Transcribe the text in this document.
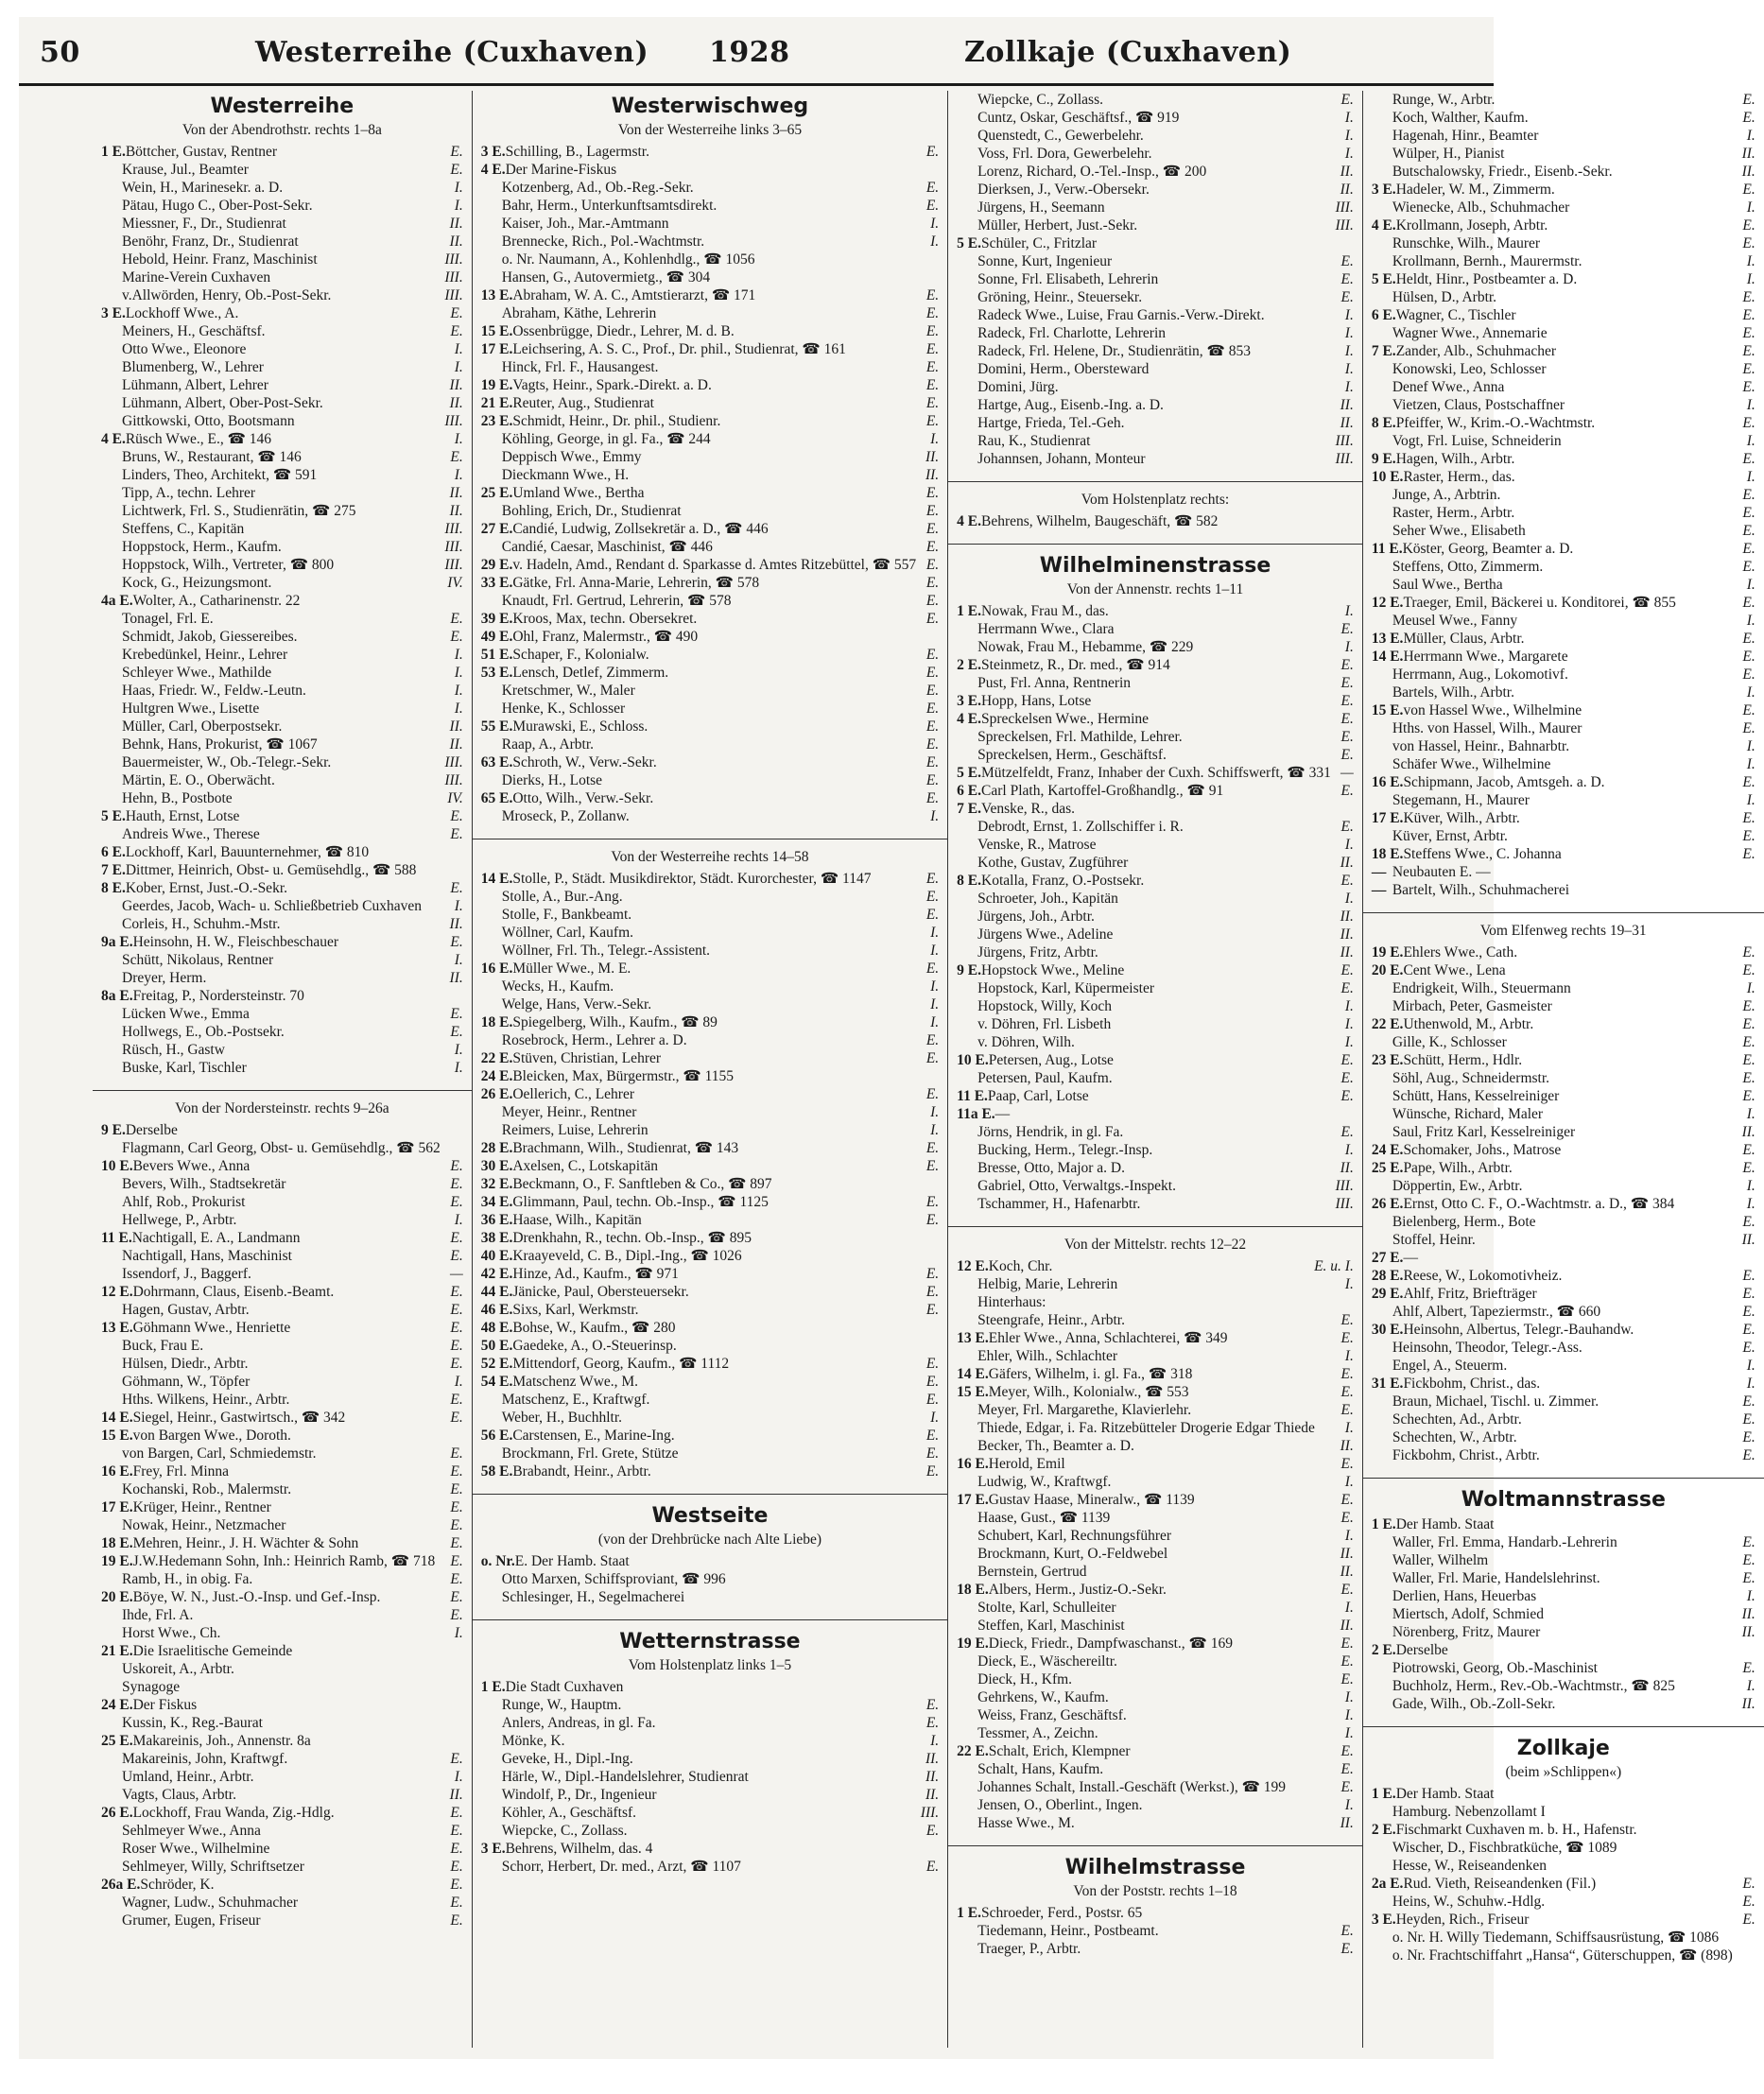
50	Westerreihe (Cuxhaven) 1928	Zollkaje (Cuxhaven)
Westerreihe
Von der Abendrothstr. rechts 1–8a
1 E. Böttcher, Gustav, Rentner	E.
Krause, Jul., Beamter	E.
Wein, H., Marinesekr. a. D.	I.
Pätau, Hugo C., Ober-Post-Sekr.	I.
Miessner, F., Dr., Studienrat	II.
Benöhr, Franz, Dr., Studienrat	II.
Hebold, Heinr. Franz, Maschinist	III.
Marine-Verein Cuxhaven	III.
v.Allwörden, Henry, Ob.-Post-Sekr.	III.
3 E. Lockhoff Wwe., A.	E.
Meiners, H., Geschäftsf.	E.
Otto Wwe., Eleonore	I.
Blumenberg, W., Lehrer	I.
Lühmann, Albert, Lehrer	II.
Lühmann, Albert, Ober-Post-Sekr.	II.
Gittkowski, Otto, Bootsmann	III.
4 E. Rüsch Wwe., E., ☎ 146	I.
Bruns, W., Restaurant, ☎ 146	E.
Linders, Theo, Architekt, ☎ 591	I.
Tipp, A., techn. Lehrer	II.
Lichtwerk, Frl. S., Studienrätin, ☎ 275	II.
Steffens, C., Kapitän	III.
Hoppstock, Herm., Kaufm.	III.
Hoppstock, Wilh., Vertreter, ☎ 800	III.
Kock, G., Heizungsmont.	IV.
4a E. Wolter, A., Catharinenstr. 22
Tonagel, Frl. E.	E.
Schmidt, Jakob, Giessereibes.	E.
Krebedünkel, Heinr., Lehrer	I.
Schleyer Wwe., Mathilde	I.
Haas, Friedr. W., Feldw.-Leutn.	I.
Hultgren Wwe., Lisette	I.
Müller, Carl, Oberpostsekr.	II.
Behnk, Hans, Prokurist, ☎ 1067	II.
Bauermeister, W., Ob.-Telegr.-Sekr.	III.
Märtin, E. O., Oberwächt.	III.
Hehn, B., Postbote	IV.
5 E. Hauth, Ernst, Lotse	E.
Andreis Wwe., Therese	E.
6 E. Lockhoff, Karl, Bauunternehmer, ☎ 810
7 E. Dittmer, Heinrich, Obst- u. Gemüsehdlg., ☎ 588
8 E. Kober, Ernst, Just.-O.-Sekr.	E.
Geerdes, Jacob, Wach- u. Schließbetrieb Cuxhaven	I.
Corleis, H., Schuhm.-Mstr.	II.
9a E. Heinsohn, H. W., Fleischbeschauer	E.
Schütt, Nikolaus, Rentner	I.
Dreyer, Herm.	II.
8a E. Freitag, P., Nordersteinstr. 70
Lücken Wwe., Emma	E.
Hollwegs, E., Ob.-Postsekr.	E.
Rüsch, H., Gastw	I.
Buske, Karl, Tischler	I.
Von der Nordersteinstr. rechts 9–26a
9 E. Derselbe
Flagmann, Carl Georg, Obst- u. Gemüsehdlg., ☎ 562
10 E. Bevers Wwe., Anna	E.
Bevers, Wilh., Stadtsekretär	E.
Ahlf, Rob., Prokurist	E.
Hellwege, P., Arbtr.	I.
11 E. Nachtigall, E. A., Landmann	E.
Nachtigall, Hans, Maschinist	E.
Issendorf, J., Baggerf.	—
12 E. Dohrmann, Claus, Eisenb.-Beamt.	E.
Hagen, Gustav, Arbtr.	E.
13 E. Göhmann Wwe., Henriette	E.
Buck, Frau E.	E.
Hülsen, Diedr., Arbtr.	E.
Göhmann, W., Töpfer	I.
Hths. Wilkens, Heinr., Arbtr.	E.
14 E. Siegel, Heinr., Gastwirtsch., ☎ 342	E.
15 E. von Bargen Wwe., Doroth.
von Bargen, Carl, Schmiedemstr.	E.
16 E. Frey, Frl. Minna	E.
Kochanski, Rob., Malermstr.	E.
17 E. Krüger, Heinr., Rentner	E.
Nowak, Heinr., Netzmacher	E.
18 E. Mehren, Heinr., J. H. Wächter & Sohn	E.
19 E. J.W.Hedemann Sohn, Inh.: Heinrich Ramb, ☎ 718	E.
Ramb, H., in obig. Fa.	E.
20 E. Böye, W. N., Just.-O.-Insp. und Gef.-Insp.	E.
Ihde, Frl. A.	E.
Horst Wwe., Ch.	I.
21 E. Die Israelitische Gemeinde
Uskoreit, A., Arbtr.
Synagoge
24 E. Der Fiskus
Kussin, K., Reg.-Baurat
25 E. Makareinis, Joh., Annenstr. 8a
Makareinis, John, Kraftwgf.	E.
Umland, Heinr., Arbtr.	I.
Vagts, Claus, Arbtr.	II.
26 E. Lockhoff, Frau Wanda, Zig.-Hdlg.	E.
Sehlmeyer Wwe., Anna	E.
Roser Wwe., Wilhelmine	E.
Sehlmeyer, Willy, Schriftsetzer	E.
26a E. Schröder, K.	E.
Wagner, Ludw., Schuhmacher	E.
Grumer, Eugen, Friseur	E.
Westerwischweg
Von der Westerreihe links 3–65
3 E. Schilling, B., Lagermstr.	E.
4 E. Der Marine-Fiskus
Kotzenberg, Ad., Ob.-Reg.-Sekr.	E.
Bahr, Herm., Unterkunftsamtsdirekt.	E.
Kaiser, Joh., Mar.-Amtmann	I.
Brennecke, Rich., Pol.-Wachtmstr.	I.
o. Nr. Naumann, A., Kohlenhdlg., ☎ 1056
Hansen, G., Autovermietg., ☎ 304
13 E. Abraham, W. A. C., Amtstierarzt, ☎ 171	E.
Abraham, Käthe, Lehrerin	E.
15 E. Ossenbrügge, Diedr., Lehrer, M. d. B.	E.
17 E. Leichsering, A. S. C., Prof., Dr. phil., Studienrat, ☎ 161	E.
Hinck, Frl. F., Hausangest.	E.
19 E. Vagts, Heinr., Spark.-Direkt. a. D.	E.
21 E. Reuter, Aug., Studienrat	E.
23 E. Schmidt, Heinr., Dr. phil., Studienr.	E.
Köhling, George, in gl. Fa., ☎ 244	I.
Deppisch Wwe., Emmy	II.
Dieckmann Wwe., H.	II.
25 E. Umland Wwe., Bertha	E.
Bohling, Erich, Dr., Studienrat	E.
27 E. Candié, Ludwig, Zollsekretär a. D., ☎ 446	E.
Candié, Caesar, Maschinist, ☎ 446	E.
29 E. v. Hadeln, Amd., Rendant d. Sparkasse d. Amtes Ritzebüttel, ☎ 557 E.
33 E. Gätke, Frl. Anna-Marie, Lehrerin, ☎ 578	E.
Knaudt, Frl. Gertrud, Lehrerin, ☎ 578	E.
39 E. Kroos, Max, techn. Obersekret.	E.
49 E. Ohl, Franz, Malermstr., ☎ 490
51 E. Schaper, F., Kolonialw.	E.
53 E. Lensch, Detlef, Zimmerm.	E.
Kretschmer, W., Maler	E.
Henke, K., Schlosser	E.
55 E. Murawski, E., Schloss.	E.
Raap, A., Arbtr.	E.
63 E. Schroth, W., Verw.-Sekr.	E.
Dierks, H., Lotse	E.
65 E. Otto, Wilh., Verw.-Sekr.	E.
Mroseck, P., Zollanw.	I.
Von der Westerreihe rechts 14–58
14 E. Stolle, P., Städt. Musikdirektor, Städt. Kurorchester, ☎ 1147	E.
Stolle, A., Bur.-Ang.	E.
Stolle, F., Bankbeamt.	E.
Wöllner, Carl, Kaufm.	I.
Wöllner, Frl. Th., Telegr.-Assistent.	I.
16 E. Müller Wwe., M. E.	E.
Wecks, H., Kaufm.	I.
Welge, Hans, Verw.-Sekr.	I.
18 E. Spiegelberg, Wilh., Kaufm., ☎ 89	I.
Rosebrock, Herm., Lehrer a. D.	E.
22 E. Stüven, Christian, Lehrer	E.
24 E. Bleicken, Max, Bürgermstr., ☎ 1155
26 E. Oellerich, C., Lehrer	E.
Meyer, Heinr., Rentner	I.
Reimers, Luise, Lehrerin	I.
28 E. Brachmann, Wilh., Studienrat, ☎ 143	E.
30 E. Axelsen, C., Lotskapitän	E.
32 E. Beckmann, O., F. Sanftleben & Co., ☎ 897
34 E. Glimmann, Paul, techn. Ob.-Insp., ☎ 1125	E.
36 E. Haase, Wilh., Kapitän	E.
38 E. Drenkhahn, R., techn. Ob.-Insp., ☎ 895
40 E. Kraayeveld, C. B., Dipl.-Ing., ☎ 1026
42 E. Hinze, Ad., Kaufm., ☎ 971	E.
44 E. Jänicke, Paul, Obersteuersekr.	E.
46 E. Sixs, Karl, Werkmstr.	E.
48 E. Bohse, W., Kaufm., ☎ 280
50 E. Gaedeke, A., O.-Steuerinsp.
52 E. Mittendorf, Georg, Kaufm., ☎ 1112	E.
54 E. Matschenz Wwe., M.	E.
Matschenz, E., Kraftwgf.	E.
Weber, H., Buchhltr.	I.
56 E. Carstensen, E., Marine-Ing.	E.
Brockmann, Frl. Grete, Stütze	E.
58 E. Brabandt, Heinr., Arbtr.	E.
Westseite
(von der Drehbrücke nach Alte Liebe)
o. Nr. E. Der Hamb. Staat
Otto Marxen, Schiffsproviant, ☎ 996
Schlesinger, H., Segelmacherei
Wetternstrasse
Vom Holstenplatz links 1–5
1 E. Die Stadt Cuxhaven
Runge, W., Hauptm.	E.
Anlers, Andreas, in gl. Fa.	E.
Mönke, K.	I.
Geveke, H., Dipl.-Ing.	II.
Härle, W., Dipl.-Handelslehrer, Studienrat	II.
Windolf, P., Dr., Ingenieur	II.
Köhler, A., Geschäftsf.	III.
Wiepcke, C., Zollass.	E.
3 E. Behrens, Wilhelm, das. 4
Schorr, Herbert, Dr. med., Arzt, ☎ 1107	E.
Wiepcke, C., Zollass.	E.
Cuntz, Oskar, Geschäftsf., ☎ 919	I.
Quenstedt, C., Gewerbelehr.	I.
Voss, Frl. Dora, Gewerbelehr.	I.
Lorenz, Richard, O.-Tel.-Insp., ☎ 200	II.
Dierksen, J., Verw.-Obersekr.	II.
Jürgens, H., Seemann	III.
Müller, Herbert, Just.-Sekr.	III.
5 E. Schüler, C., Fritzlar
Sonne, Kurt, Ingenieur	E.
Sonne, Frl. Elisabeth, Lehrerin	E.
Gröning, Heinr., Steuersekr.	E.
Radeck Wwe., Luise, Frau Garnis.-Verw.-Direkt.	I.
Radeck, Frl. Charlotte, Lehrerin	I.
Radeck, Frl. Helene, Dr., Studienrätin, ☎ 853	I.
Domini, Herm., Obersteward	I.
Domini, Jürg.	I.
Hartge, Aug., Eisenb.-Ing. a. D.	II.
Hartge, Frieda, Tel.-Geh.	II.
Rau, K., Studienrat	III.
Johannsen, Johann, Monteur	III.
Vom Holstenplatz rechts:
4 E. Behrens, Wilhelm, Baugeschäft, ☎ 582
Wilhelminenstrasse
Von der Annenstr. rechts 1–11
1 E. Nowak, Frau M., das.	I.
Herrmann Wwe., Clara	E.
Nowak, Frau M., Hebamme, ☎ 229	I.
2 E. Steinmetz, R., Dr. med., ☎ 914	E.
Pust, Frl. Anna, Rentnerin	E.
3 E. Hopp, Hans, Lotse	E.
4 E. Spreckelsen Wwe., Hermine	E.
Spreckelsen, Frl. Mathilde, Lehrer.	E.
Spreckelsen, Herm., Geschäftsf.	E.
5 E. Mützelfeldt, Franz, Inhaber der Cuxh. Schiffswerft, ☎ 331 —
6 E. Carl Plath, Kartoffel-Großhandlg., ☎ 91	E.
7 E. Venske, R., das.
Debrodt, Ernst, 1. Zollschiffer i. R.	E.
Venske, R., Matrose	I.
Kothe, Gustav, Zugführer	II.
8 E. Kotalla, Franz, O.-Postsekr.	E.
Schroeter, Joh., Kapitän	I.
Jürgens, Joh., Arbtr.	II.
Jürgens Wwe., Adeline	II.
Jürgens, Fritz, Arbtr.	II.
9 E. Hopstock Wwe., Meline	E.
Hopstock, Karl, Küpermeister	E.
Hopstock, Willy, Koch	I.
v. Döhren, Frl. Lisbeth	I.
v. Döhren, Wilh.	I.
10 E. Petersen, Aug., Lotse	E.
Petersen, Paul, Kaufm.	E.
11 E. Paap, Carl, Lotse	E.
11a E. —
Jörns, Hendrik, in gl. Fa.	E.
Bucking, Herm., Telegr.-Insp.	I.
Bresse, Otto, Major a. D.	II.
Gabriel, Otto, Verwaltgs.-Inspekt.	III.
Tschammer, H., Hafenarbtr.	III.
Von der Mittelstr. rechts 12–22
12 E. Koch, Chr.	E. u. I.
Helbig, Marie, Lehrerin	I.
Hinterhaus:
Steengrafe, Heinr., Arbtr.	E.
13 E. Ehler Wwe., Anna, Schlachterei, ☎ 349	E.
Ehler, Wilh., Schlachter	I.
14 E. Gäfers, Wilhelm, i. gl. Fa., ☎ 318	E.
15 E. Meyer, Wilh., Kolonialw., ☎ 553	E.
Meyer, Frl. Margarethe, Klavierlehr.	E.
Thiede, Edgar, i. Fa. Ritzebütteler Drogerie Edgar Thiede	I.
Becker, Th., Beamter a. D.	II.
16 E. Herold, Emil	E.
Ludwig, W., Kraftwgf.	I.
17 E. Gustav Haase, Mineralw., ☎ 1139	E.
Haase, Gust., ☎ 1139	E.
Schubert, Karl, Rechnungsführer	I.
Brockmann, Kurt, O.-Feldwebel	II.
Bernstein, Gertrud	II.
18 E. Albers, Herm., Justiz-O.-Sekr.	E.
Stolte, Karl, Schulleiter	I.
Steffen, Karl, Maschinist	II.
19 E. Dieck, Friedr., Dampfwaschanst., ☎ 169	E.
Dieck, E., Wäschereiltr.	E.
Dieck, H., Kfm.	E.
Gehrkens, W., Kaufm.	I.
Weiss, Franz, Geschäftsf.	I.
Tessmer, A., Zeichn.	I.
22 E. Schalt, Erich, Klempner	E.
Schalt, Hans, Kaufm.	E.
Johannes Schalt, Install.-Geschäft (Werkst.), ☎ 199	E.
Jensen, O., Oberlint., Ingen.	I.
Hasse Wwe., M.	II.
Wilhelmstrasse
Von der Poststr. rechts 1–18
1 E. Schroeder, Ferd., Postsr. 65
Tiedemann, Heinr., Postbeamt.	E.
Traeger, P., Arbtr.	E.
Runge, W., Arbtr.	E.
Koch, Walther, Kaufm.	E.
Hagenah, Hinr., Beamter	I.
Wülper, H., Pianist	II.
Butschalowsky, Friedr., Eisenb.-Sekr.	II.
3 E. Hadeler, W. M., Zimmerm.	E.
Wienecke, Alb., Schuhmacher	I.
4 E. Krollmann, Joseph, Arbtr.	E.
Runschke, Wilh., Maurer	E.
Krollmann, Bernh., Maurermstr.	I.
5 E. Heldt, Hinr., Postbeamter a. D.	I.
Hülsen, D., Arbtr.	E.
6 E. Wagner, C., Tischler	E.
Wagner Wwe., Annemarie	E.
7 E. Zander, Alb., Schuhmacher	E.
Konowski, Leo, Schlosser	E.
Denef Wwe., Anna	E.
Vietzen, Claus, Postschaffner	I.
8 E. Pfeiffer, W., Krim.-O.-Wachtmstr.	E.
Vogt, Frl. Luise, Schneiderin	I.
9 E. Hagen, Wilh., Arbtr.	E.
10 E. Raster, Herm., das.	I.
Junge, A., Arbtrin.	E.
Raster, Herm., Arbtr.	E.
Seher Wwe., Elisabeth	E.
11 E. Köster, Georg, Beamter a. D.	E.
Steffens, Otto, Zimmerm.	E.
Saul Wwe., Bertha	I.
12 E. Traeger, Emil, Bäckerei u. Konditorei, ☎ 855	E.
Meusel Wwe., Fanny	I.
13 E. Müller, Claus, Arbtr.	E.
14 E. Herrmann Wwe., Margarete	E.
Herrmann, Aug., Lokomotivf.	E.
Bartels, Wilh., Arbtr.	I.
15 E. von Hassel Wwe., Wilhelmine	E.
Hths. von Hassel, Wilh., Maurer	E.
von Hassel, Heinr., Bahnarbtr.	I.
Schäfer Wwe., Wilhelmine	I.
16 E. Schipmann, Jacob, Amtsgeh. a. D.	E.
Stegemann, H., Maurer	I.
17 E. Küver, Wilh., Arbtr.	E.
Küver, Ernst, Arbtr.	E.
18 E. Steffens Wwe., C. Johanna	E.
— Neubauten E. —
— Bartelt, Wilh., Schuhmacherei
Vom Elfenweg rechts 19–31
19 E. Ehlers Wwe., Cath.	E.
20 E. Cent Wwe., Lena	E.
Endrigkeit, Wilh., Steuermann	I.
Mirbach, Peter, Gasmeister	E.
22 E. Uthenwold, M., Arbtr.	E.
Gille, K., Schlosser	E.
23 E. Schütt, Herm., Hdlr.	E.
Söhl, Aug., Schneidermstr.	E.
Schütt, Hans, Kesselreiniger	E.
Wünsche, Richard, Maler	I.
Saul, Fritz Karl, Kesselreiniger	II.
24 E. Schomaker, Johs., Matrose	E.
25 E. Pape, Wilh., Arbtr.	E.
Döppertin, Ew., Arbtr.	I.
26 E. Ernst, Otto C. F., O.-Wachtmstr. a. D., ☎ 384	I.
Bielenberg, Herm., Bote	E.
Stoffel, Heinr.	II.
27 E. —
28 E. Reese, W., Lokomotivheiz.	E.
29 E. Ahlf, Fritz, Briefträger	E.
Ahlf, Albert, Tapeziermstr., ☎ 660	E.
30 E. Heinsohn, Albertus, Telegr.-Bauhandw.	E.
Heinsohn, Theodor, Telegr.-Ass.	E.
Engel, A., Steuerm.	I.
31 E. Fickbohm, Christ., das.	I.
Braun, Michael, Tischl. u. Zimmer.	E.
Schechten, Ad., Arbtr.	E.
Schechten, W., Arbtr.	E.
Fickbohm, Christ., Arbtr.	E.
Woltmannstrasse
1 E. Der Hamb. Staat
Waller, Frl. Emma, Handarb.-Lehrerin	E.
Waller, Wilhelm	E.
Waller, Frl. Marie, Handelslehrinst.	E.
Derlien, Hans, Heuerbas	I.
Miertsch, Adolf, Schmied	II.
Nörenberg, Fritz, Maurer	II.
2 E. Derselbe
Piotrowski, Georg, Ob.-Maschinist	E.
Buchholz, Herm., Rev.-Ob.-Wachtmstr., ☎ 825	I.
Gade, Wilh., Ob.-Zoll-Sekr.	II.
Zollkaje
(beim »Schlippen«)
1 E. Der Hamb. Staat
Hamburg. Nebenzollamt I
2 E. Fischmarkt Cuxhaven m. b. H., Hafenstr.
Wischer, D., Fischbratküche, ☎ 1089
Hesse, W., Reiseandenken
2a E. Rud. Vieth, Reiseandenken (Fil.)	E.
Heins, W., Schuhw.-Hdlg.	E.
3 E. Heyden, Rich., Friseur	E.
o. Nr. H. Willy Tiedemann, Schiffsausrüstung, ☎ 1086
o. Nr. Frachtschiffahrt „Hansa“, Güterschuppen, ☎ (898)
